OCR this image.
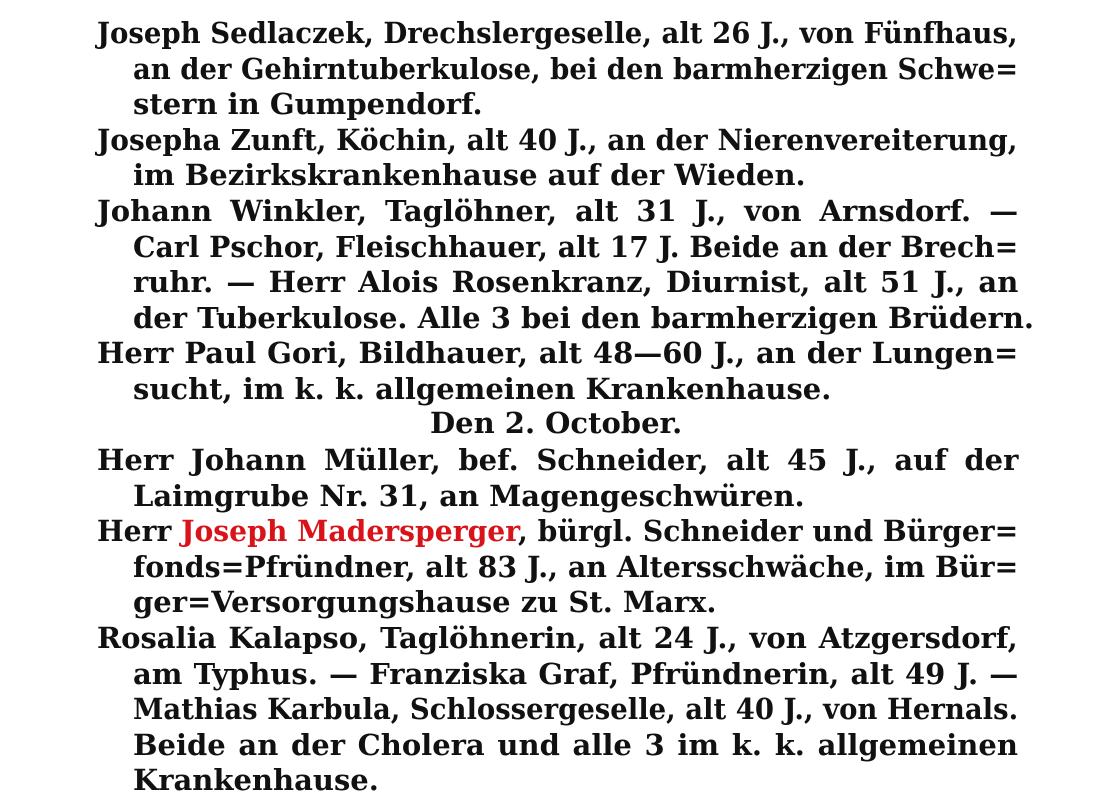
Joseph Sedlaczek, Drechslergeselle, alt 26 J., von Fünfhaus,
an der Gehirntuberkulose, bei den barmherzigen Schwe=
stern in Gumpendorf.
Josepha Zunft, Köchin, alt 40 J., an der Nierenvereiterung,
im Bezirkskrankenhause auf der Wieden.
Johann Winkler, Taglöhner, alt 31 J., von Arnsdorf. —
Carl Pschor, Fleischhauer, alt 17 J. Beide an der Brech=
ruhr. — Herr Alois Rosenkranz, Diurnist, alt 51 J., an
der Tuberkulose. Alle 3 bei den barmherzigen Brüdern.
Herr Paul Gori, Bildhauer, alt 48—60 J., an der Lungen=
sucht, im k. k. allgemeinen Krankenhause.
Den 2. October.
Herr Johann Müller, bef. Schneider, alt 45 J., auf der
Laimgrube Nr. 31, an Magengeschwüren.
Herr Joseph Madersperger, bürgl. Schneider und Bürger=
fonds=Pfründner, alt 83 J., an Altersschwäche, im Bür=
ger=Versorgungshause zu St. Marx.
Rosalia Kalapso, Taglöhnerin, alt 24 J., von Atzgersdorf,
am Typhus. — Franziska Graf, Pfründnerin, alt 49 J. —
Mathias Karbula, Schlossergeselle, alt 40 J., von Hernals.
Beide an der Cholera und alle 3 im k. k. allgemeinen
Krankenhause.
